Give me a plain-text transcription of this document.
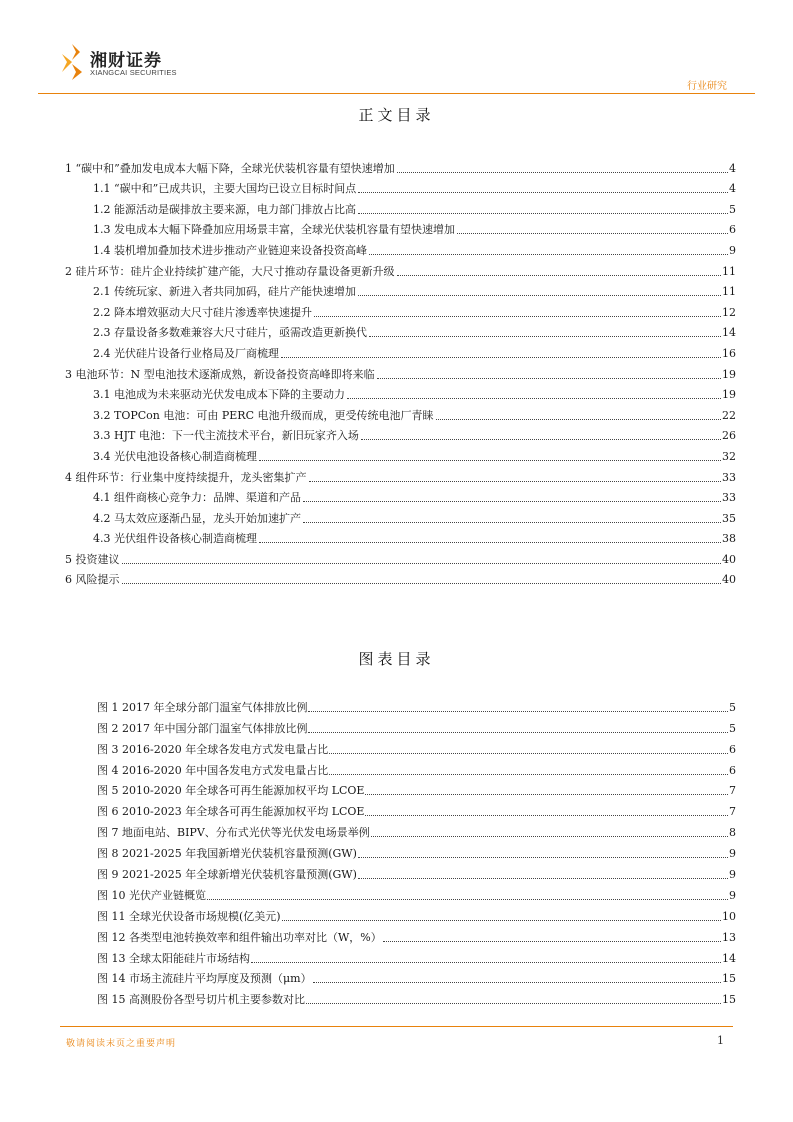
湘财证券
XIANGCAI SECURITIES
行业研究
正文目录
1 “碳中和”叠加发电成本大幅下降，全球光伏装机容量有望快速增加	4
1.1 “碳中和”已成共识，主要大国均已设立目标时间点	4
1.2 能源活动是碳排放主要来源，电力部门排放占比高	5
1.3 发电成本大幅下降叠加应用场景丰富，全球光伏装机容量有望快速增加	6
1.4 装机增加叠加技术进步推动产业链迎来设备投资高峰	9
2 硅片环节：硅片企业持续扩建产能，大尺寸推动存量设备更新升级	11
2.1 传统玩家、新进入者共同加码，硅片产能快速增加	11
2.2 降本增效驱动大尺寸硅片渗透率快速提升	12
2.3 存量设备多数难兼容大尺寸硅片，亟需改造更新换代	14
2.4 光伏硅片设备行业格局及厂商梳理	16
3 电池环节：N 型电池技术逐渐成熟，新设备投资高峰即将来临	19
3.1 电池成为未来驱动光伏发电成本下降的主要动力	19
3.2 TOPCon 电池：可由 PERC 电池升级而成，更受传统电池厂青睐	22
3.3 HJT 电池：下一代主流技术平台，新旧玩家齐入场	26
3.4 光伏电池设备核心制造商梳理	32
4 组件环节：行业集中度持续提升，龙头密集扩产	33
4.1 组件商核心竞争力：品牌、渠道和产品	33
4.2 马太效应逐渐凸显，龙头开始加速扩产	35
4.3 光伏组件设备核心制造商梳理	38
5 投资建议	40
6 风险提示	40
图表目录
图 1 2017 年全球分部门温室气体排放比例	5
图 2 2017 年中国分部门温室气体排放比例	5
图 3 2016-2020 年全球各发电方式发电量占比	6
图 4 2016-2020 年中国各发电方式发电量占比	6
图 5 2010-2020 年全球各可再生能源加权平均 LCOE	7
图 6 2010-2023 年全球各可再生能源加权平均 LCOE	7
图 7 地面电站、BIPV、分布式光伏等光伏发电场景举例	8
图 8 2021-2025 年我国新增光伏装机容量预测(GW)	9
图 9 2021-2025 年全球新增光伏装机容量预测(GW)	9
图 10 光伏产业链概览	9
图 11 全球光伏设备市场规模(亿美元)	10
图 12 各类型电池转换效率和组件输出功率对比（W，%）	13
图 13 全球太阳能硅片市场结构	14
图 14 市场主流硅片平均厚度及预测（μm）	15
图 15 高测股份各型号切片机主要参数对比	15
敬请阅读末页之重要声明	1
